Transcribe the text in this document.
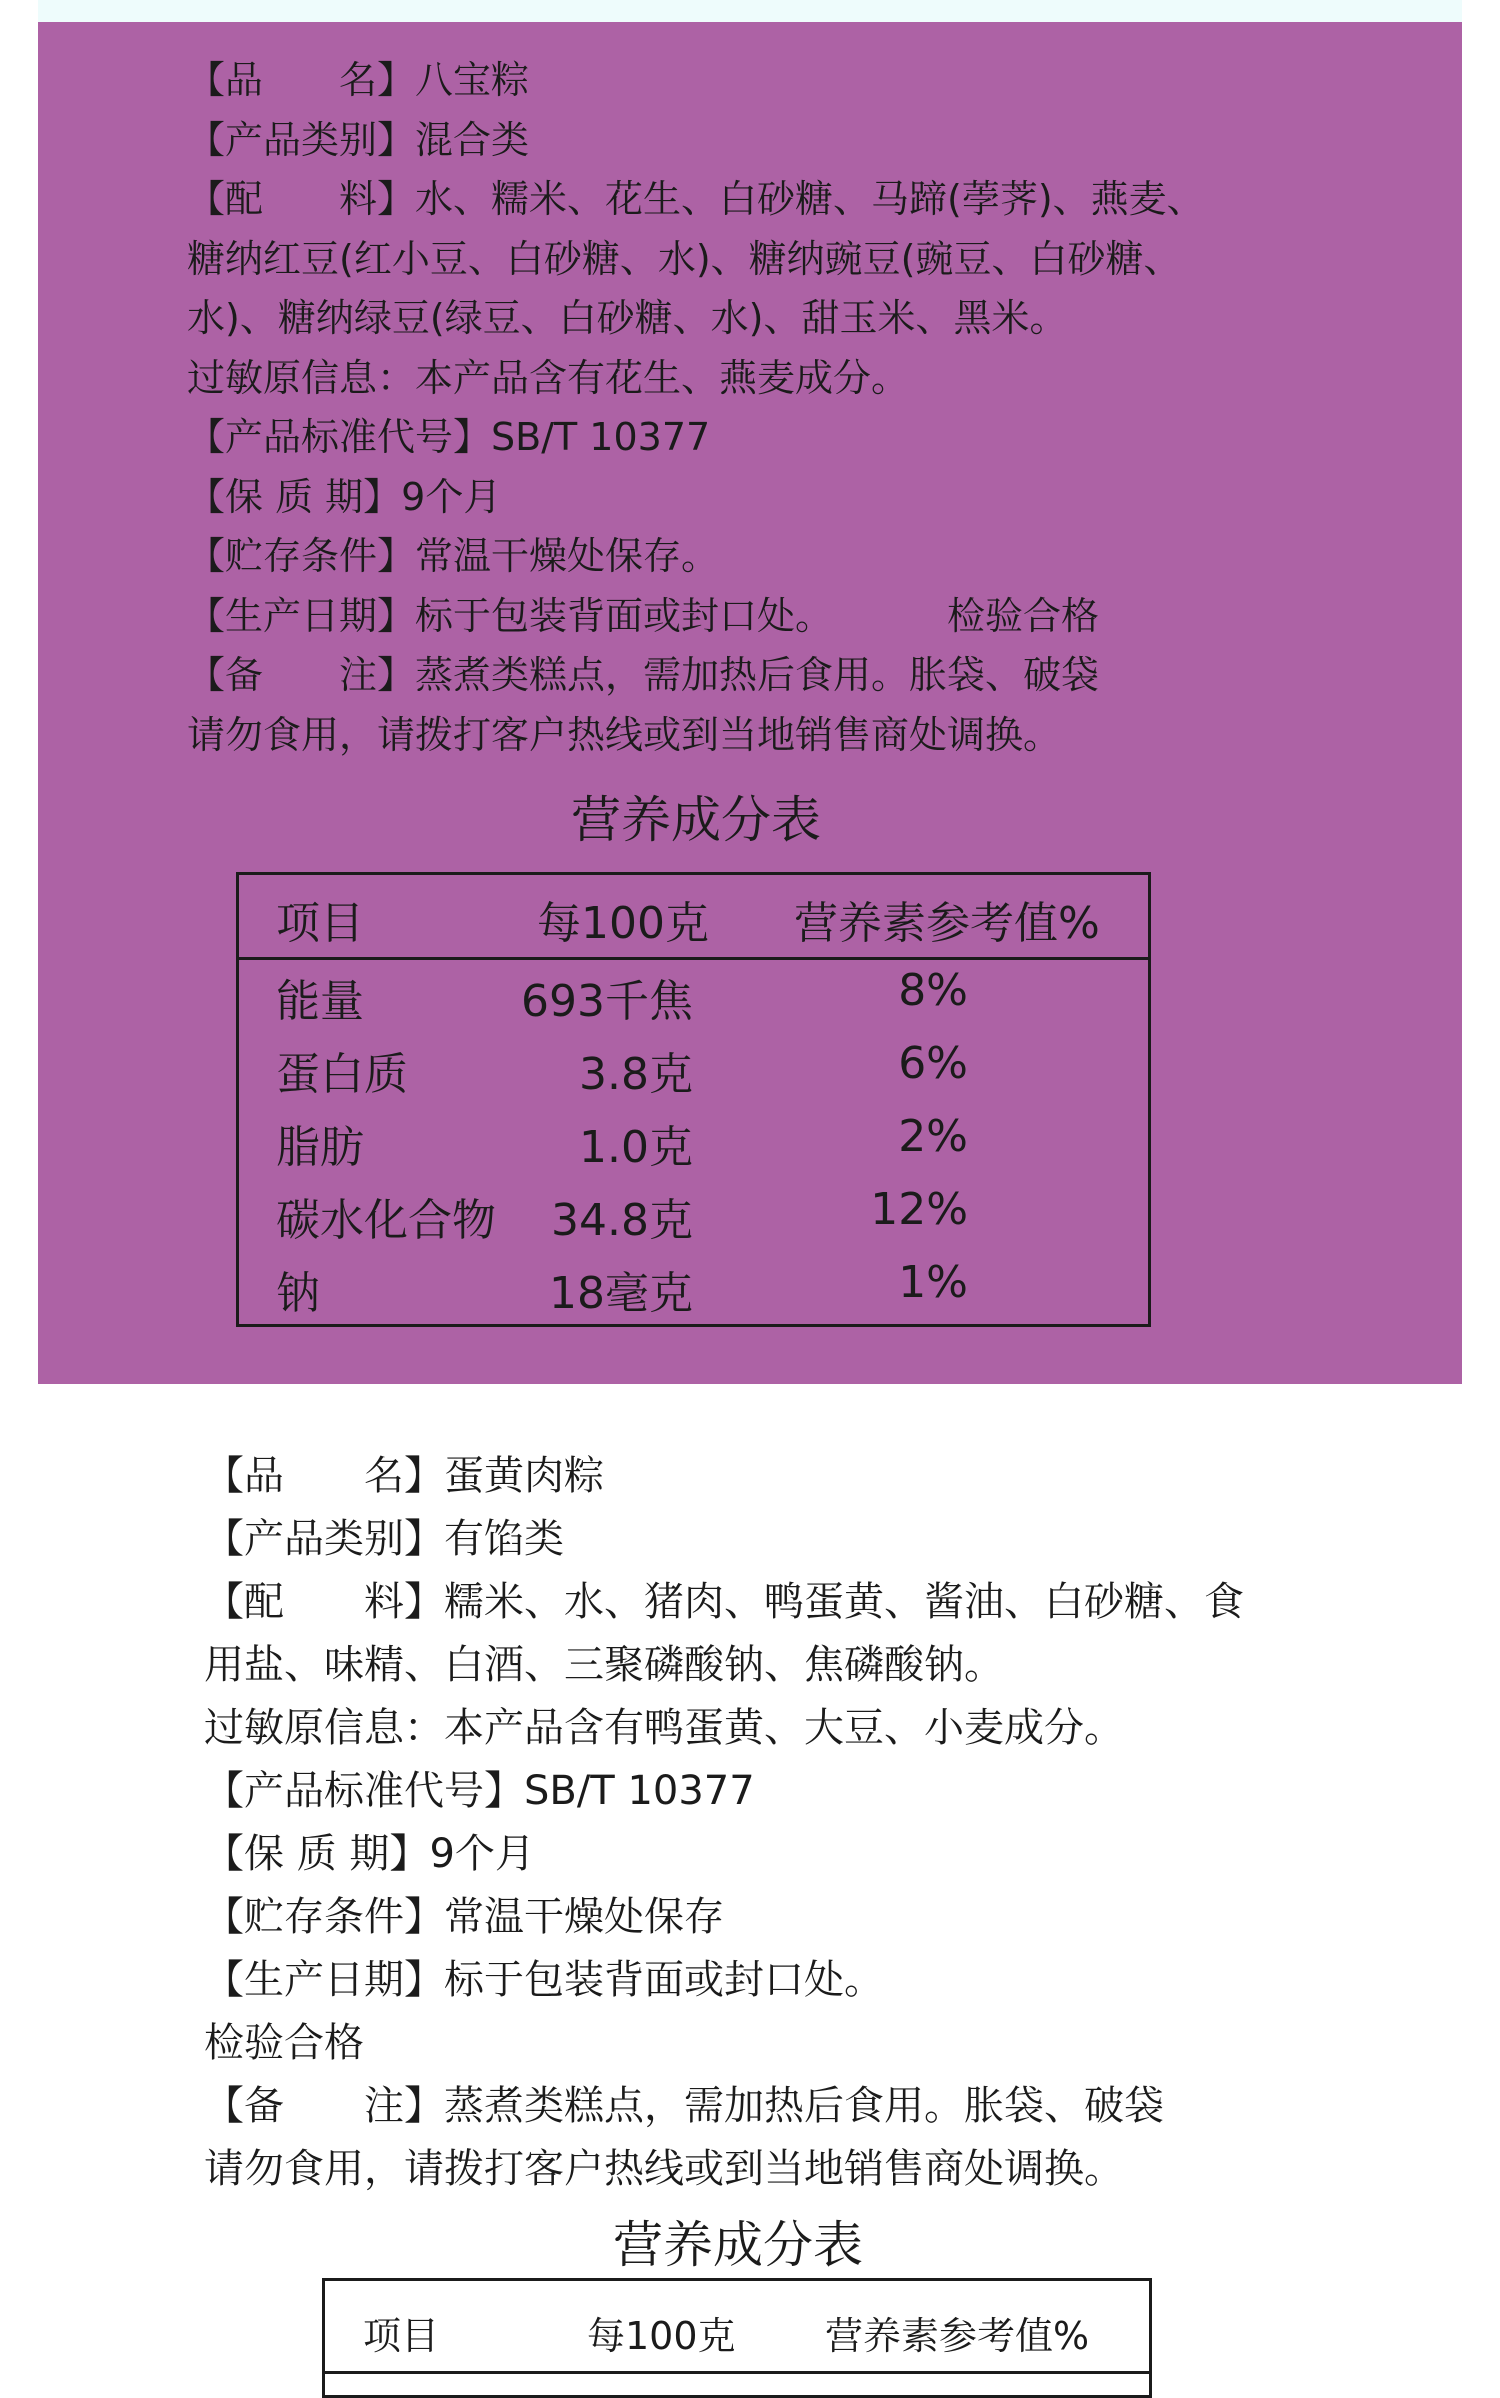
【品　　名】八宝粽
【产品类别】混合类
【配　　料】水、糯米、花生、白砂糖、马蹄(荸荠)、燕麦、
糖纳红豆(红小豆、白砂糖、水)、糖纳豌豆(豌豆、白砂糖、
水)、糖纳绿豆(绿豆、白砂糖、水)、甜玉米、黑米。
过敏原信息：本产品含有花生、燕麦成分。
【产品标准代号】SB/T 10377
【保 质 期】9个月
【贮存条件】常温干燥处保存。
【生产日期】标于包装背面或封口处。	检验合格
【备　　注】蒸煮类糕点，需加热后食用。胀袋、破袋
请勿食用，请拨打客户热线或到当地销售商处调换。
营养成分表
项目	每100克 营养素参考值%
能量	693千焦	8%
蛋白质	3.8克	6%
脂肪	1.0克	2%
碳水化合物 34.8克	12%
钠	18毫克	1%
【品　　名】蛋黄肉粽
【产品类别】有馅类
【配　　料】糯米、水、猪肉、鸭蛋黄、酱油、白砂糖、食
用盐、味精、白酒、三聚磷酸钠、焦磷酸钠。
过敏原信息：本产品含有鸭蛋黄、大豆、小麦成分。
【产品标准代号】SB/T 10377
【保 质 期】9个月
【贮存条件】常温干燥处保存
【生产日期】标于包装背面或封口处。
检验合格
【备　　注】蒸煮类糕点，需加热后食用。胀袋、破袋
请勿食用，请拨打客户热线或到当地销售商处调换。
营养成分表
项目	每100克 营养素参考值%
